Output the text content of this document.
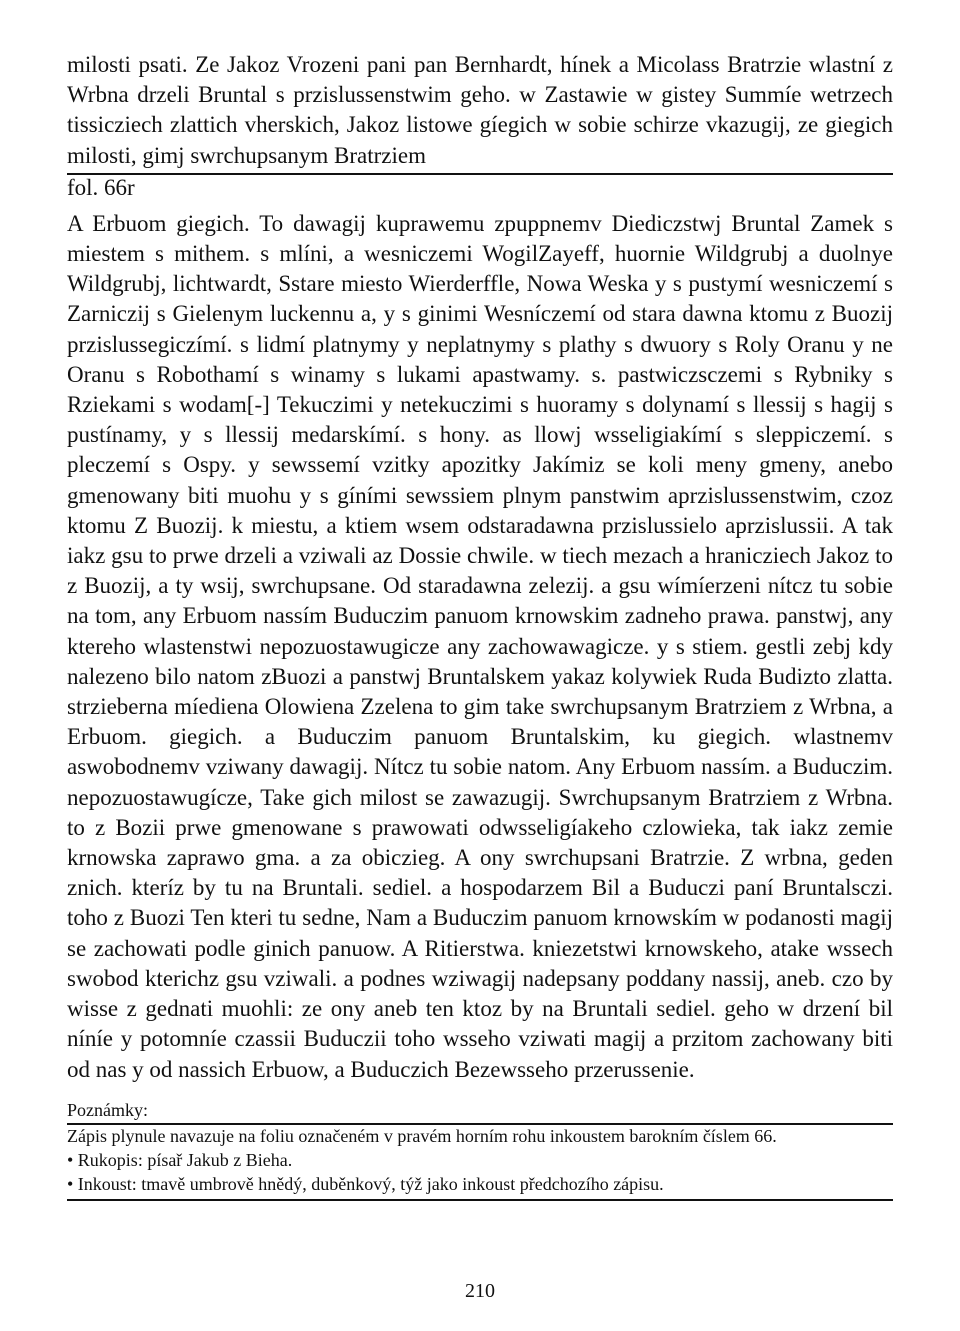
milosti psati. Ze Jakoz Vrozeni pani pan Bernhardt, hínek a Micolass Bratrzie wlastní z Wrbna drzeli Bruntal s przislussenstwim geho. w Zastawie w gistey Summíe wetrzech tissicziech zlattich vherskich, Jakoz listowe gíegich w sobie schirze vkazugij, ze giegich milosti, gimj swrchupsanym Bratrziem

fol. 66r

A Erbuom giegich. To dawagij kuprawemu zpuppnemv Diediczstwj Bruntal Zamek s miestem s mithem. s mlíni, a wesniczemi WogilZayeff, huornie Wildgrubj a duolnye Wildgrubj, lichtwardt, Sstare miesto Wierderffle, Nowa Weska y s pustymí wesniczemí s Zarniczij s Gielenym luckennu a, y s ginimi Wesníczemí od stara dawna ktomu z Buozij przislussegiczímí. s lidmí platnymy y neplatnymy s plathy s dwuory s Roly Oranu y ne Oranu s Robothamí s winamy s lukami apastwamy. s. pastwiczsczemi s Rybniky s Rziekami s wodam[-] Tekuczimi y netekuczimi s huoramy s dolynamí s llessij s hagij s pustínamy, y s llessij medarskímí. s hony. as llowj wsseligiakímí s sleppiczemí. s pleczemí s Ospy. y sewssemí vzitky apozitky Jakímiz se koli meny gmeny, anebo gmenowany biti muohu y s gíními sewssiem plnym panstwim aprzislussenstwim, czoz ktomu Z Buozij. k miestu, a ktiem wsem odstaradawna przislussielo aprzislussii. A tak iakz gsu to prwe drzeli a vziwali az Dossie chwile. w tiech mezach a hranicziech Jakoz to z Buozij, a ty wsij, swrchupsane. Od staradawna zelezij. a gsu wímíerzeni nítcz tu sobie na tom, any Erbuom nassím Buduczim panuom krnowskim zadneho prawa. panstwj, any ktereho wlastenstwi nepozuostawugicze any zachowawagicze. y s stiem. gestli zebj kdy nalezeno bilo natom zBuozi a panstwj Bruntalskem yakaz kolywiek Ruda Budizto zlatta. strzieberna míediena Olowiena Zzelena to gim take swrchupsanym Bratrziem z Wrbna, a Erbuom. giegich. a Buduczim panuom Bruntalskim, ku giegich. wlastnemv aswobodnemv vziwany dawagij. Nítcz tu sobie natom. Any Erbuom nassím. a Buduczim. nepozuostawugícze, Take gich milost se zawazugij. Swrchupsanym Bratrziem z Wrbna. to z Bozii prwe gmenowane s prawowati odwsseligíakeho czlowieka, tak iakz zemie krnowska zaprawo gma. a za obiczieg. A ony swrchupsani Bratrzie. Z wrbna, geden znich. kteríz by tu na Bruntali. sediel. a hospodarzem Bil a Buduczi paní Bruntalsczi. toho z Buozi Ten kteri tu sedne, Nam a Buduczim panuom krnowskím w podanosti magij se zachowati podle ginich panuow. A Ritierstwa. kniezetstwi krnowskeho, atake wssech swobod kterichz gsu vziwali. a podnes wziwagij nadepsany poddany nassij, aneb. czo by wisse z gednati muohli: ze ony aneb ten ktoz by na Bruntali sediel. geho w drzení bil níníe y potomníe czassii Buduczii toho wsseho vziwati magij a przitom zachowany biti od nas y od nassich Erbuow, a Buduczich Bezewsseho przerussenie.

Poznámky:

Zápis plynule navazuje na foliu označeném v pravém horním rohu inkoustem barokním číslem 66.

• Rukopis: písař Jakub z Bieha.

• Inkoust: tmavě umbrově hnědý, duběnkový, týž jako inkoust předchozího zápisu.

210
